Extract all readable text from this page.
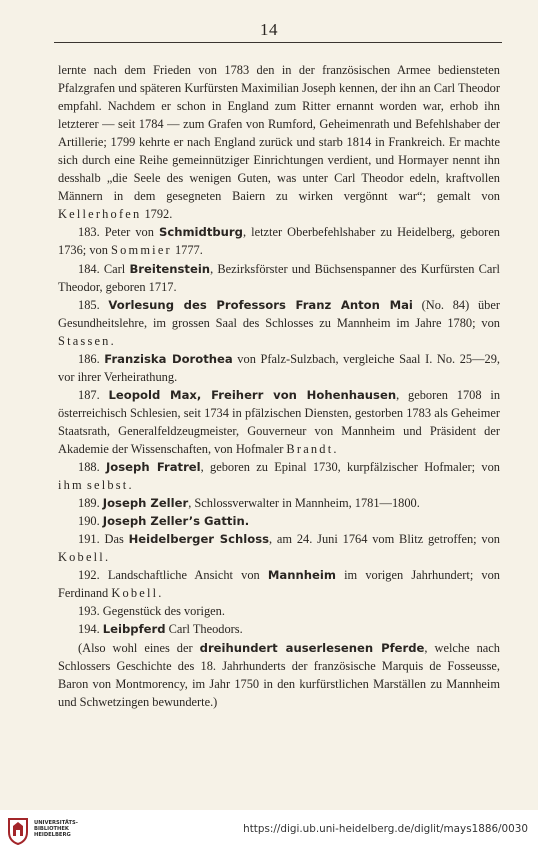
14

lernte nach dem Frieden von 1783 den in der französischen Armee bediensteten Pfalzgrafen und späteren Kurfürsten Maximilian Joseph kennen, der ihn an Carl Theodor empfahl. Nachdem er schon in England zum Ritter ernannt worden war, erhob ihn letzterer — seit 1784 — zum Grafen von Rumford, Geheimenrath und Befehlshaber der Artillerie; 1799 kehrte er nach England zurück und starb 1814 in Frankreich. Er machte sich durch eine Reihe gemeinnütziger Einrichtungen verdient, und Hormayer nennt ihn desshalb „die Seele des wenigen Guten, was unter Carl Theodor edeln, kraftvollen Männern in dem gesegneten Baiern zu wirken vergönnt war“; gemalt von Kellerhofen 1792.

183. Peter von Schmidtburg, letzter Oberbefehlshaber zu Heidelberg, geboren 1736; von Sommier 1777.

184. Carl Breitenstein, Bezirksförster und Büchsenspanner des Kurfürsten Carl Theodor, geboren 1717.

185. Vorlesung des Professors Franz Anton Mai (No. 84) über Gesundheitslehre, im grossen Saal des Schlosses zu Mannheim im Jahre 1780; von Stassen.

186. Franziska Dorothea von Pfalz-Sulzbach, vergleiche Saal I. No. 25—29, vor ihrer Verheirathung.

187. Leopold Max, Freiherr von Hohenhausen, geboren 1708 in österreichisch Schlesien, seit 1734 in pfälzischen Diensten, gestorben 1783 als Geheimer Staatsrath, Generalfeldzeugmeister, Gouverneur von Mannheim und Präsident der Akademie der Wissenschaften, von Hofmaler Brandt.

188. Joseph Fratrel, geboren zu Epinal 1730, kurpfälzischer Hofmaler; von ihm selbst.

189. Joseph Zeller, Schlossverwalter in Mannheim, 1781—1800.

190. Joseph Zeller’s Gattin.

191. Das Heidelberger Schloss, am 24. Juni 1764 vom Blitz getroffen; von Kobell.

192. Landschaftliche Ansicht von Mannheim im vorigen Jahrhundert; von Ferdinand Kobell.

193. Gegenstück des vorigen.

194. Leibpferd Carl Theodors.

(Also wohl eines der dreihundert auserlesenen Pferde, welche nach Schlossers Geschichte des 18. Jahrhunderts der französische Marquis de Fosseusse, Baron von Montmorency, im Jahr 1750 in den kurfürstlichen Marställen zu Mannheim und Schwetzingen bewunderte.)

UNIVERSITÄTS-
BIBLIOTHEK
HEIDELBERG
https://digi.ub.uni-heidelberg.de/diglit/mays1886/0030
